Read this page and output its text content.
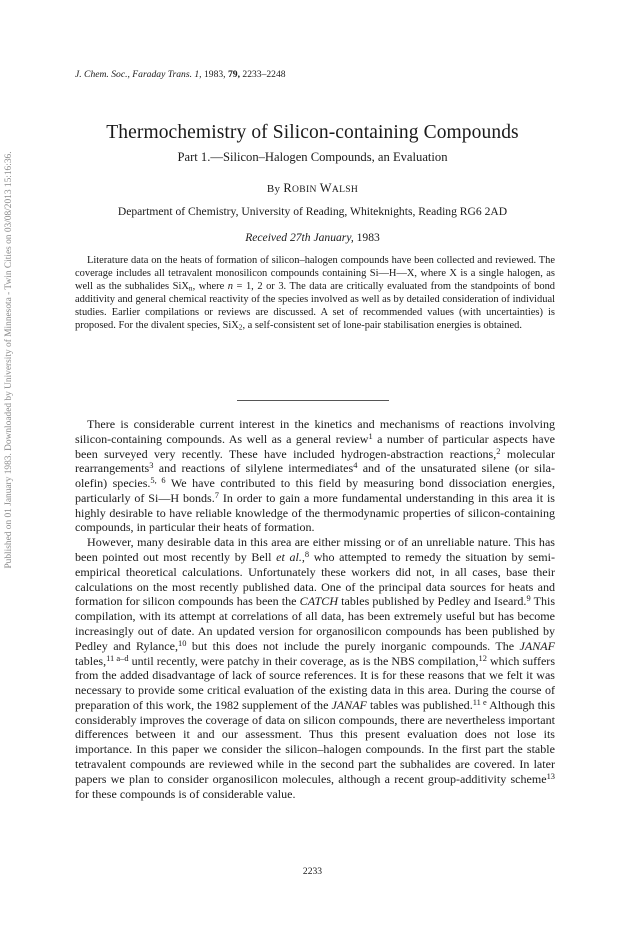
Published on 01 January 1983. Downloaded by University of Minnesota - Twin Cities on 03/08/2013 15:16:36.
J. Chem. Soc., Faraday Trans. 1, 1983, 79, 2233–2248
Thermochemistry of Silicon-containing Compounds
Part 1.—Silicon–Halogen Compounds, an Evaluation
By ROBIN WALSH
Department of Chemistry, University of Reading, Whiteknights, Reading RG6 2AD
Received 27th January, 1983

Literature data on the heats of formation of silicon–halogen compounds have been collected and reviewed. The coverage includes all tetravalent monosilicon compounds containing Si—H—X, where X is a single halogen, as well as the subhalides SiX$_n$, where n = 1, 2 or 3. The data are critically evaluated from the standpoints of bond additivity and general chemical reactivity of the species involved as well as by detailed consideration of individual studies. Earlier compilations or reviews are discussed. A set of recommended values (with uncertainties) is proposed. For the divalent species, SiX$_2$, a self-consistent set of lone-pair stabilisation energies is obtained.

There is considerable current interest in the kinetics and mechanisms of reactions involving silicon-containing compounds. As well as a general review$^1$ a number of particular aspects have been surveyed very recently. These have included hydrogen-abstraction reactions,$^2$ molecular rearrangements$^3$ and reactions of silylene intermediates$^4$ and of the unsaturated silene (or sila-olefin) species.$^{5, 6}$ We have contributed to this field by measuring bond dissociation energies, particularly of Si—H bonds.$^7$ In order to gain a more fundamental understanding in this area it is highly desirable to have reliable knowledge of the thermodynamic properties of silicon-containing compounds, in particular their heats of formation.

However, many desirable data in this area are either missing or of an unreliable nature. This has been pointed out most recently by Bell et al.,$^8$ who attempted to remedy the situation by semi-empirical theoretical calculations. Unfortunately these workers did not, in all cases, base their calculations on the most recently published data. One of the principal data sources for heats and formation for silicon compounds has been the CATCH tables published by Pedley and Iseard.$^9$ This compilation, with its attempt at correlations of all data, has been extremely useful but has become increasingly out of date. An updated version for organosilicon compounds has been published by Pedley and Rylance,$^{10}$ but this does not include the purely inorganic compounds. The JANAF tables,$^{11 a-d}$ until recently, were patchy in their coverage, as is the NBS compilation,$^{12}$ which suffers from the added disadvantage of lack of source references. It is for these reasons that we felt it was necessary to provide some critical evaluation of the existing data in this area. During the course of preparation of this work, the 1982 supplement of the JANAF tables was published.$^{11 e}$ Although this considerably improves the coverage of data on silicon compounds, there are nevertheless important differences between it and our assessment. Thus this present evaluation does not lose its importance. In this paper we consider the silicon–halogen compounds. In the first part the stable tetravalent compounds are reviewed while in the second part the subhalides are covered. In later papers we plan to consider organosilicon molecules, although a recent group-additivity scheme$^{13}$ for these compounds is of considerable value.

2233
